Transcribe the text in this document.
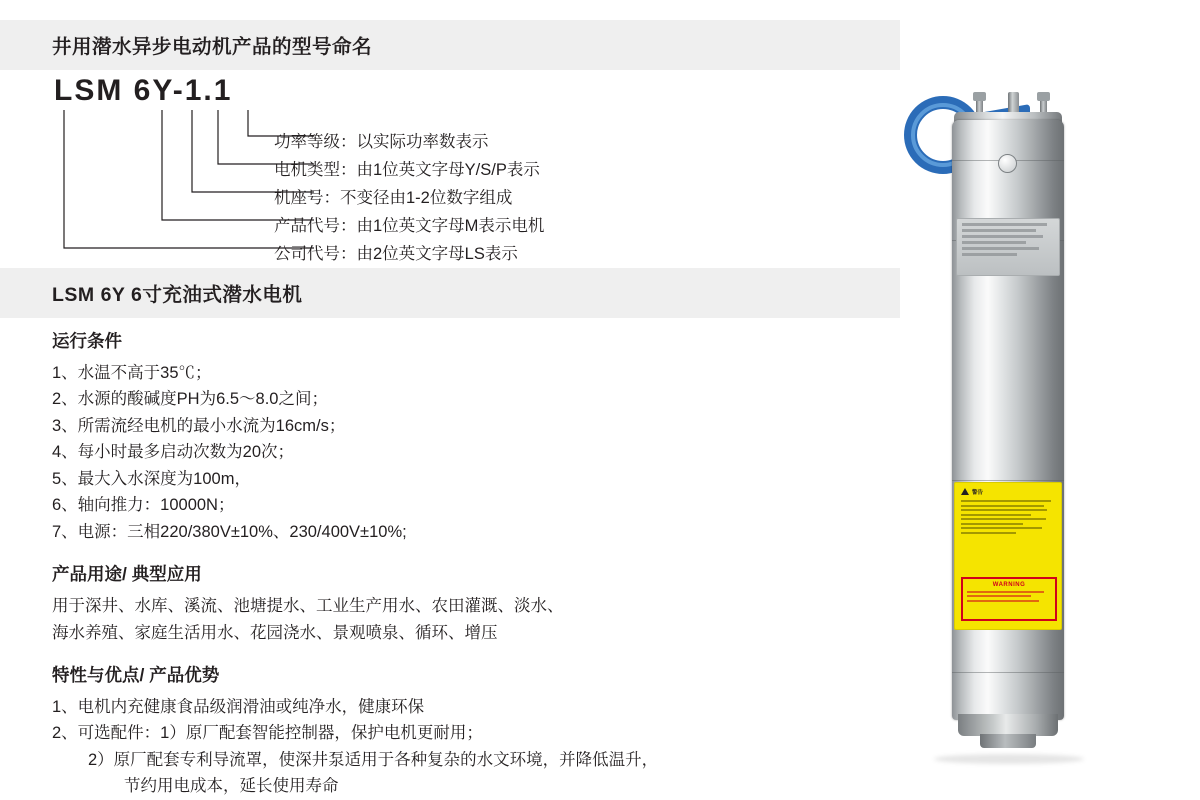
井用潜水异步电动机产品的型号命名
LSM 6Y-1.1
功率等级：以实际功率数表示
电机类型：由1位英文字母Y/S/P表示
机座号：不变径由1-2位数字组成
产品代号：由1位英文字母M表示电机
公司代号：由2位英文字母LS表示
LSM 6Y 6寸充油式潜水电机
运行条件

1、水温不高于35℃；

2、水源的酸碱度PH为6.5～8.0之间；

3、所需流经电机的最小水流为16cm/s；

4、每小时最多启动次数为20次；

5、最大入水深度为100m，

6、轴向推力：10000N；

7、电源：三相220/380V±10%、230/400V±10%;

产品用途/ 典型应用

用于深井、水库、溪流、池塘提水、工业生产用水、农田灌溉、淡水、

海水养殖、家庭生活用水、花园浇水、景观喷泉、循环、增压

特性与优点/ 产品优势

1、电机内充健康食品级润滑油或纯净水，健康环保

2、可选配件：1）原厂配套智能控制器，保护电机更耐用；

2）原厂配套专利导流罩，使深井泵适用于各种复杂的水文环境，并降低温升，

节约用电成本，延长使用寿命

警告
WARNING
